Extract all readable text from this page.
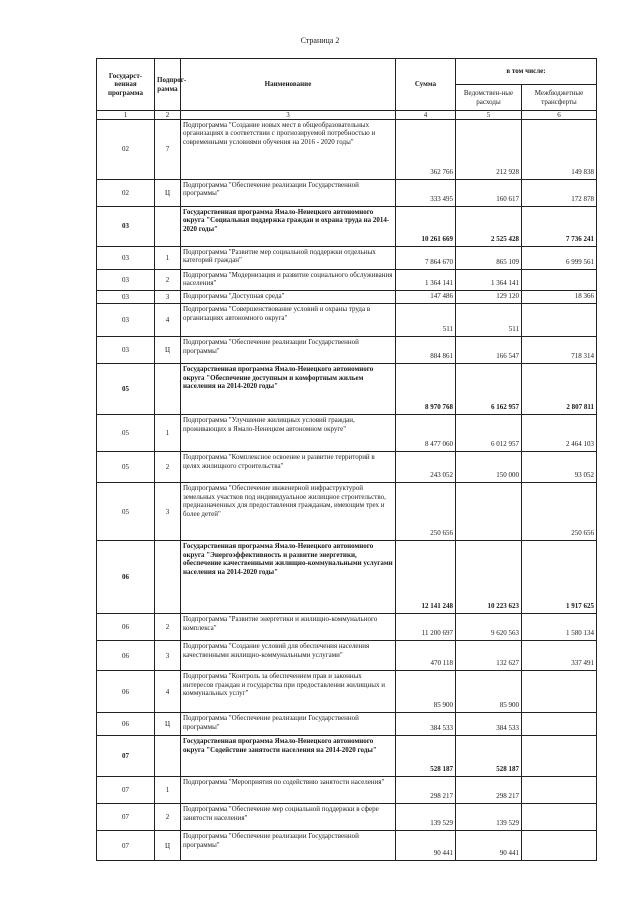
Страница 2
Государст-венная программа	Подпрог-рамма	Наименование	Сумма	в том числе:	
				Ведомствен-ные расходы	Межбюджетные трансферты
1	2	3	4	5	6
02	7	Подпрограмма "Создание новых мест в общеобразовательных организациях в соответствии с прогнозируемой потребностью и современными условиями обучения на 2016 - 2020 годы"	362 766	212 928	149 838
02	Ц	Подпрограмма "Обеспечение реализации Государственной программы"	333 495	160 617	172 878
03		Государственная программа Ямало-Ненецкого автономного округа "Социальная поддержка граждан и охрана труда на 2014-2020 годы"	10 261 669	2 525 428	7 736 241
03	1	Подпрограмма "Развитие мер социальной поддержки отдельных категорий граждан"	7 864 670	865 109	6 999 561
03	2	Подпрограмма "Модернизация и развитие социального обслуживания населения"	1 364 141	1 364 141	
03	3	Подпрограмма "Доступная среда"	147 486	129 120	18 366
03	4	Подпрограмма "Совершенствование условий и охраны труда в организациях автономного округа"	511	511	
03	Ц	Подпрограмма "Обеспечение реализации Государственной программы"	884 861	166 547	718 314
05		Государственная программа Ямало-Ненецкого автономного округа "Обеспечение доступным и комфортным жильем населения на 2014-2020 годы"	8 970 768	6 162 957	2 807 811
05	1	Подпрограмма "Улучшение жилищных условий граждан, проживающих в Ямало-Ненецком автономном округе"	8 477 060	6 012 957	2 464 103
05	2	Подпрограмма "Комплексное освоение и развитие территорий в целях жилищного строительства"	243 052	150 000	93 052
05	3	Подпрограмма "Обеспечение инженерной инфраструктурой земельных участков под индивидуальное жилищное строительство, предназначенных для предоставления гражданам, имеющим трех и более детей"	250 656		250 656
06		Государственная программа Ямало-Ненецкого автономного округа "Энергоэффективность и развитие энергетики, обеспечение качественными жилищно-коммунальными услугами населения на 2014-2020 годы"	12 141 248	10 223 623	1 917 625
06	2	Подпрограмма "Развитие энергетики и жилищно-коммунального комплекса"	11 200 697	9 620 563	1 580 134
06	3	Подпрограмма "Создание условий для обеспечения населения качественными жилищно-коммунальными услугами"	470 118	132 627	337 491
06	4	Подпрограмма "Контроль за обеспечением прав и законных интересов граждан и государства при предоставлении жилищных и коммунальных услуг"	85 900	85 900	
06	Ц	Подпрограмма "Обеспечение реализации Государственной программы"	384 533	384 533	
07		Государственная программа Ямало-Ненецкого автономного округа "Содействие занятости населения на 2014-2020 годы"	528 187	528 187	
07	1	Подпрограмма "Мероприятия по содействию занятости населения"	298 217	298 217	
07	2	Подпрограмма "Обеспечение мер социальной поддержки в сфере занятости населения"	139 529	139 529	
07	Ц	Подпрограмма "Обеспечение реализации Государственной программы"	90 441	90 441	
